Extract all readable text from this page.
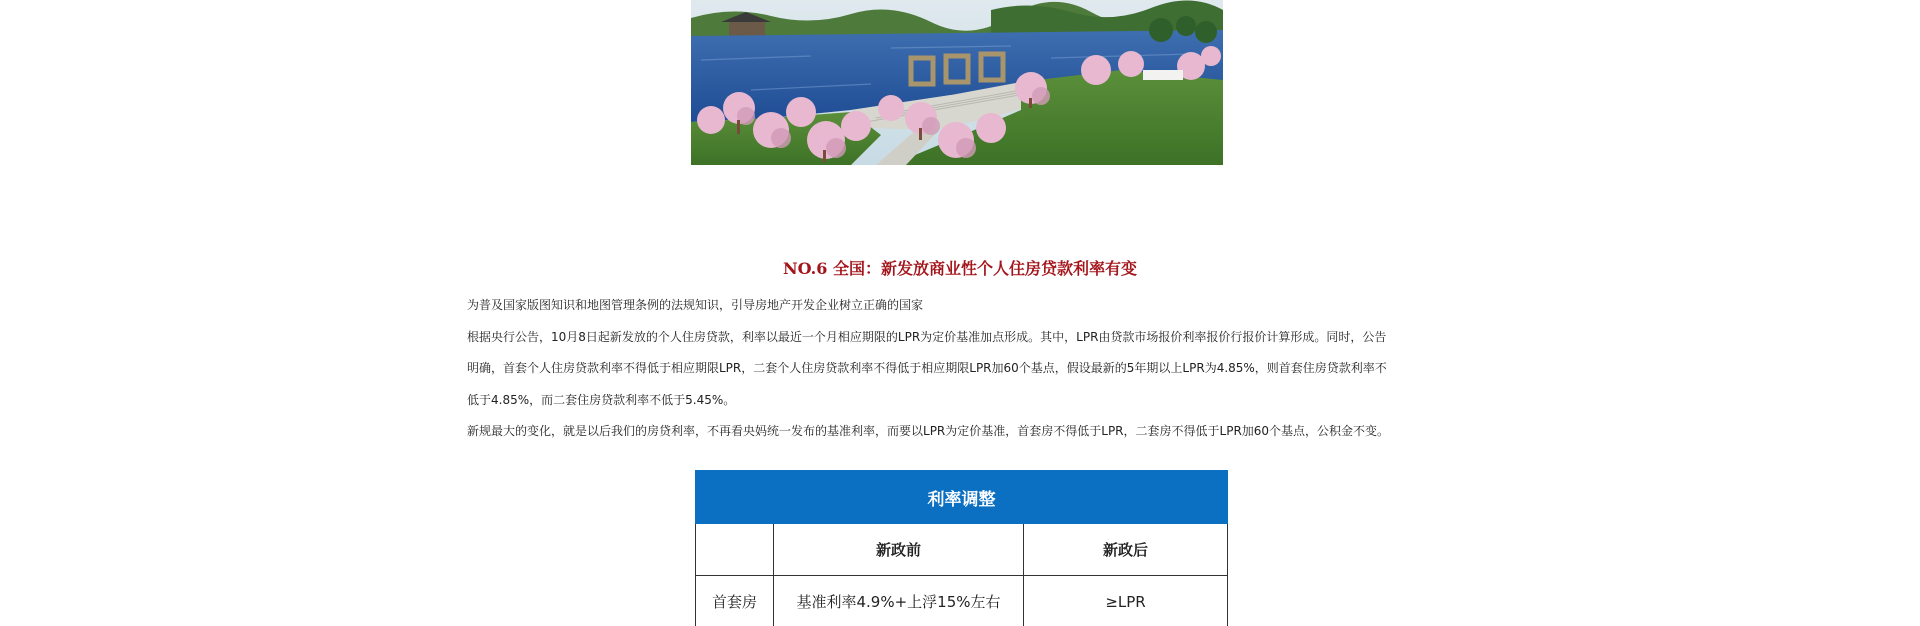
NO.6 全国：新发放商业性个人住房贷款利率有变

为普及国家版图知识和地图管理条例的法规知识，引导房地产开发企业树立正确的国家

根据央行公告，10月8日起新发放的个人住房贷款，利率以最近一个月相应期限的LPR为定价基准加点形成。其中，LPR由贷款市场报价利率报价行报价计算形成。同时，公告

明确，首套个人住房贷款利率不得低于相应期限LPR，二套个人住房贷款利率不得低于相应期限LPR加60个基点，假设最新的5年期以上LPR为4.85%，则首套住房贷款利率不

低于4.85%，而二套住房贷款利率不低于5.45%。

新规最大的变化，就是以后我们的房贷利率，不再看央妈统一发布的基准利率，而要以LPR为定价基准，首套房不得低于LPR，二套房不得低于LPR加60个基点，公积金不变。

利率调整		
	新政前	新政后
首套房	基准利率4.9%+上浮15%左右	≥LPR
